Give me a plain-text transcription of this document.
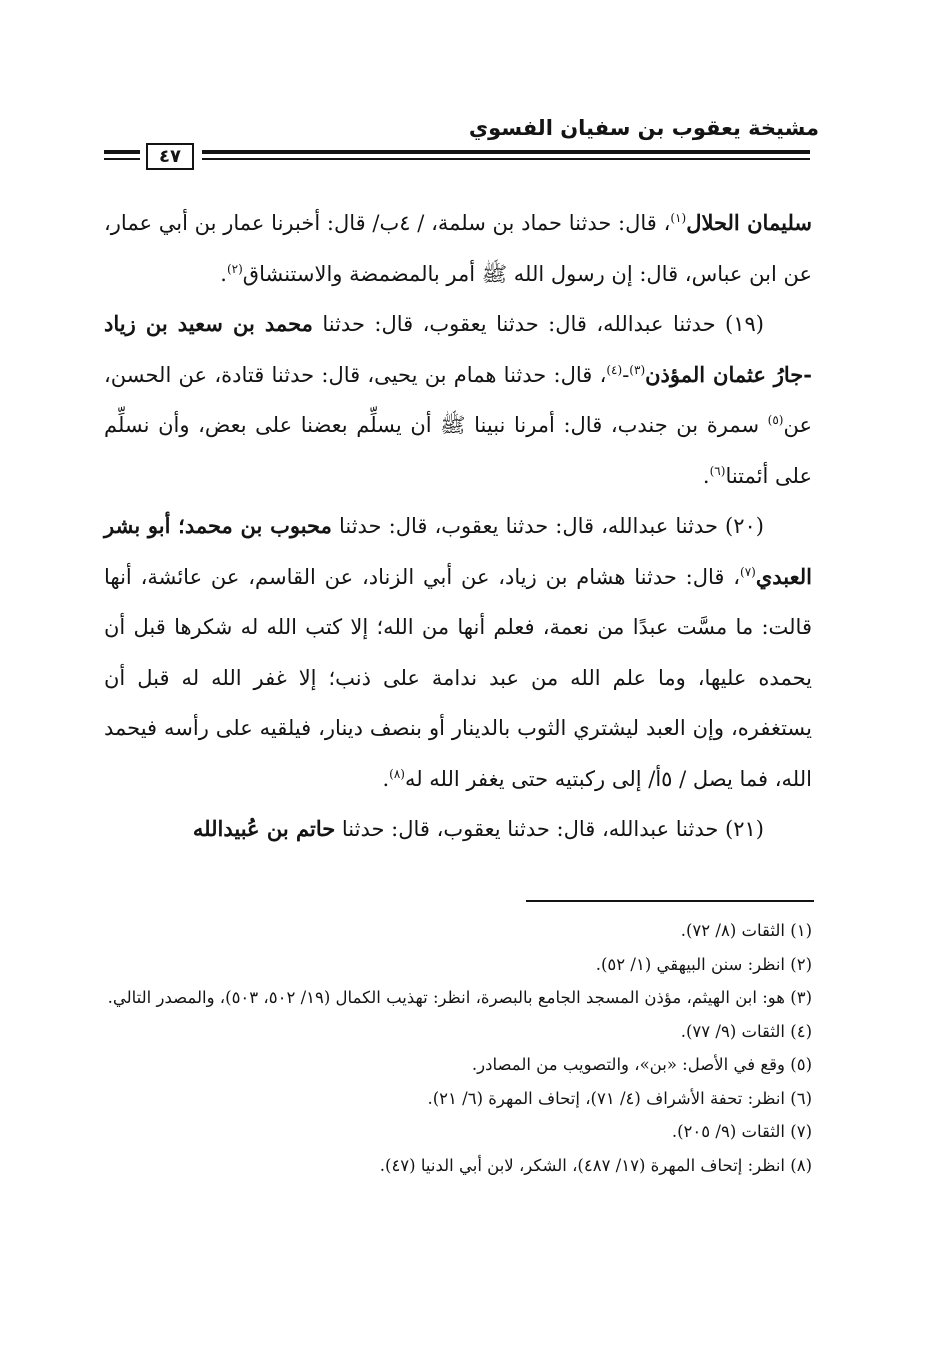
مشيخة يعقوب بن سفيان الفسوي
٤٧

سليمان الحلال$^{(١)}$، قال: حدثنا حماد بن سلمة، / ٤ب/ قال: أخبرنا عمار بن أبي عمار، عن ابن عباس، قال: إن رسول الله ﷺ أمر بالمضمضة والاستنشاق$^{(٢)}$.

(١٩) حدثنا عبدالله، قال: حدثنا يعقوب، قال: حدثنا محمد بن سعيد بن زياد -جارُ عثمان المؤذن$^{(٣)}$-$^{(٤)}$، قال: حدثنا همام بن يحيى، قال: حدثنا قتادة، عن الحسن، عن$^{(٥)}$ سمرة بن جندب، قال: أمرنا نبينا ﷺ أن يسلِّم بعضنا على بعض، وأن نسلِّم على أئمتنا$^{(٦)}$.

(٢٠) حدثنا عبدالله، قال: حدثنا يعقوب، قال: حدثنا محبوب بن محمد؛ أبو بشر العبدي$^{(٧)}$، قال: حدثنا هشام بن زياد، عن أبي الزناد، عن القاسم، عن عائشة، أنها قالت: ما مسَّت عبدًا من نعمة، فعلم أنها من الله؛ إلا كتب الله له شكرها قبل أن يحمده عليها، وما علم الله من عبد ندامة على ذنب؛ إلا غفر الله له قبل أن يستغفره، وإن العبد ليشتري الثوب بالدينار أو بنصف دينار، فيلقيه على رأسه فيحمد الله، فما يصل / ٥أ/ إلى ركبتيه حتى يغفر الله له$^{(٨)}$.

(٢١) حدثنا عبدالله، قال: حدثنا يعقوب، قال: حدثنا حاتم بن عُبيدالله

(١) الثقات (٨/ ٧٢).

(٢) انظر: سنن البيهقي (١/ ٥٢).

(٣) هو: ابن الهيثم، مؤذن المسجد الجامع بالبصرة، انظر: تهذيب الكمال (١٩/ ٥٠٢، ٥٠٣)، والمصدر التالي.

(٤) الثقات (٩/ ٧٧).

(٥) وقع في الأصل: «بن»، والتصويب من المصادر.

(٦) انظر: تحفة الأشراف (٤/ ٧١)، إتحاف المهرة (٦/ ٢١).

(٧) الثقات (٩/ ٢٠٥).

(٨) انظر: إتحاف المهرة (١٧/ ٤٨٧)، الشكر، لابن أبي الدنيا (٤٧).
